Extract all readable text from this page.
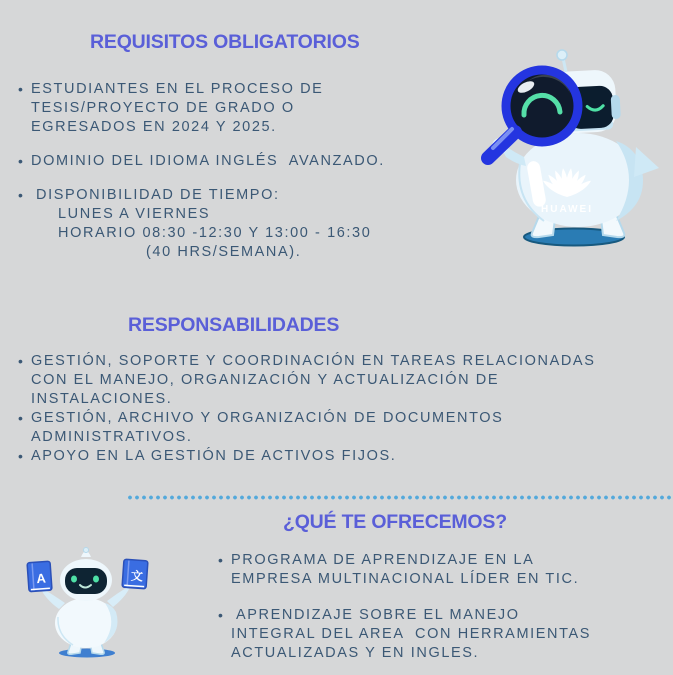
REQUISITOS OBLIGATORIOS
• ESTUDIANTES EN EL PROCESO DE
TESIS/PROYECTO DE GRADO O
EGRESADOS EN 2024 Y 2025.
• DOMINIO DEL IDIOMA INGLÉS  AVANZADO.
• DISPONIBILIDAD DE TIEMPO:
LUNES A VIERNES
HORARIO 08:30 -12:30 Y 13:00 - 16:30
(40 HRS/SEMANA).
HUAWEI
RESPONSABILIDADES
• GESTIÓN, SOPORTE Y COORDINACIÓN EN TAREAS RELACIONADAS
CON EL MANEJO, ORGANIZACIÓN Y ACTUALIZACIÓN DE
INSTALACIONES.
• GESTIÓN, ARCHIVO Y ORGANIZACIÓN DE DOCUMENTOS
ADMINISTRATIVOS.
• APOYO EN LA GESTIÓN DE ACTIVOS FIJOS.
¿QUÉ TE OFRECEMOS?
A	文
• PROGRAMA DE APRENDIZAJE EN LA
EMPRESA MULTINACIONAL LÍDER EN TIC.
• APRENDIZAJE SOBRE EL MANEJO
INTEGRAL DEL AREA  CON HERRAMIENTAS
ACTUALIZADAS Y EN INGLES.
